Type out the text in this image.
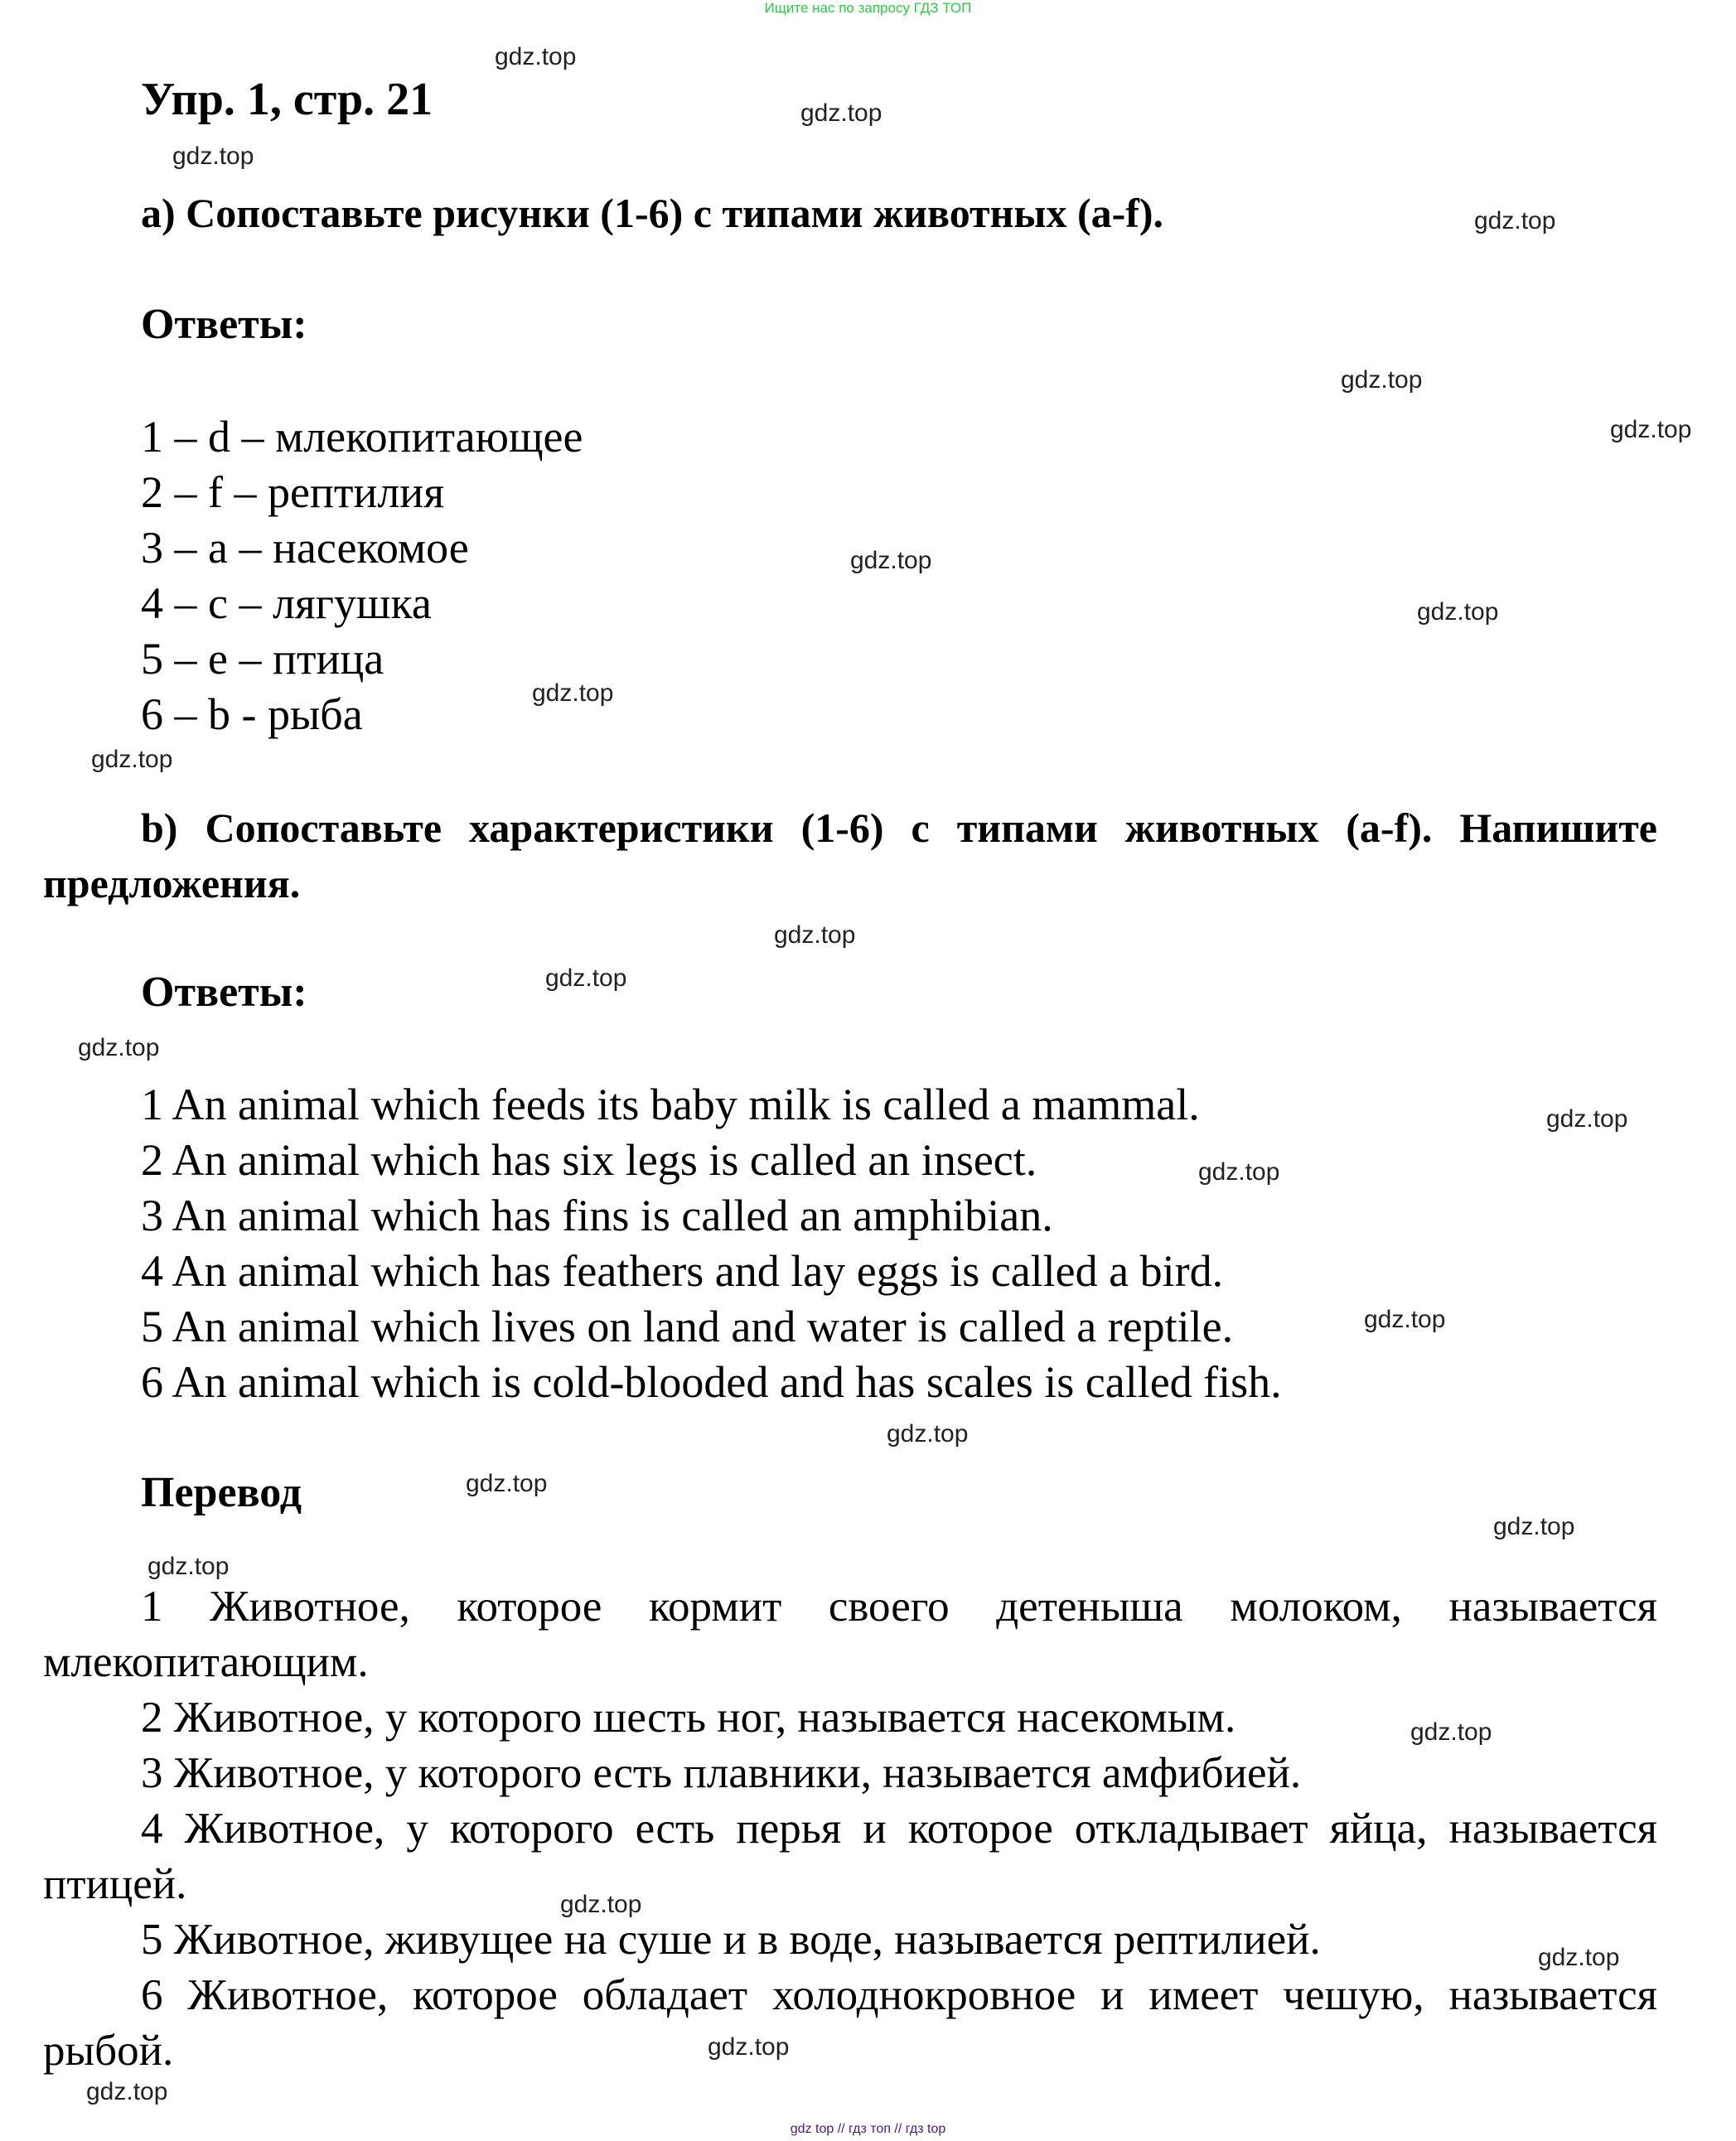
Ищите нас по запросу ГДЗ ТОП
gdz.top
gdz.top
gdz.top
gdz.top
gdz.top
gdz.top
gdz.top
gdz.top
gdz.top
gdz.top
gdz.top
gdz.top
gdz.top
gdz.top
gdz.top
gdz.top
gdz.top
gdz.top
gdz.top
gdz.top
gdz.top
gdz.top
gdz.top
gdz.top
gdz.top
Упр. 1, стр. 21
a) Сопоставьте рисунки (1-6) с типами животных (a-f).
Ответы:
1 – d – млекопитающее
2 – f – рептилия
3 – a – насекомое
4 – c – лягушка
5 – e – птица
6 – b - рыба
b) Сопоставьте характеристики (1-6) с типами животных (a-f). Напишите предложения.
Ответы:
1 An animal which feeds its baby milk is called a mammal.
2 An animal which has six legs is called an insect.
3 An animal which has fins is called an amphibian.
4 An animal which has feathers and lay eggs is called a bird.
5 An animal which lives on land and water is called a reptile.
6 An animal which is cold-blooded and has scales is called fish.
Перевод
1 Животное, которое кормит своего детеныша молоком, называется млекопитающим.
2 Животное, у которого шесть ног, называется насекомым.
3 Животное, у которого есть плавники, называется амфибией.
4 Животное, у которого есть перья и которое откладывает яйца, называется птицей.
5 Животное, живущее на суше и в воде, называется рептилией.
6 Животное, которое обладает холоднокровное и имеет чешую, называется рыбой.
gdz top // гдз топ // гдз top
